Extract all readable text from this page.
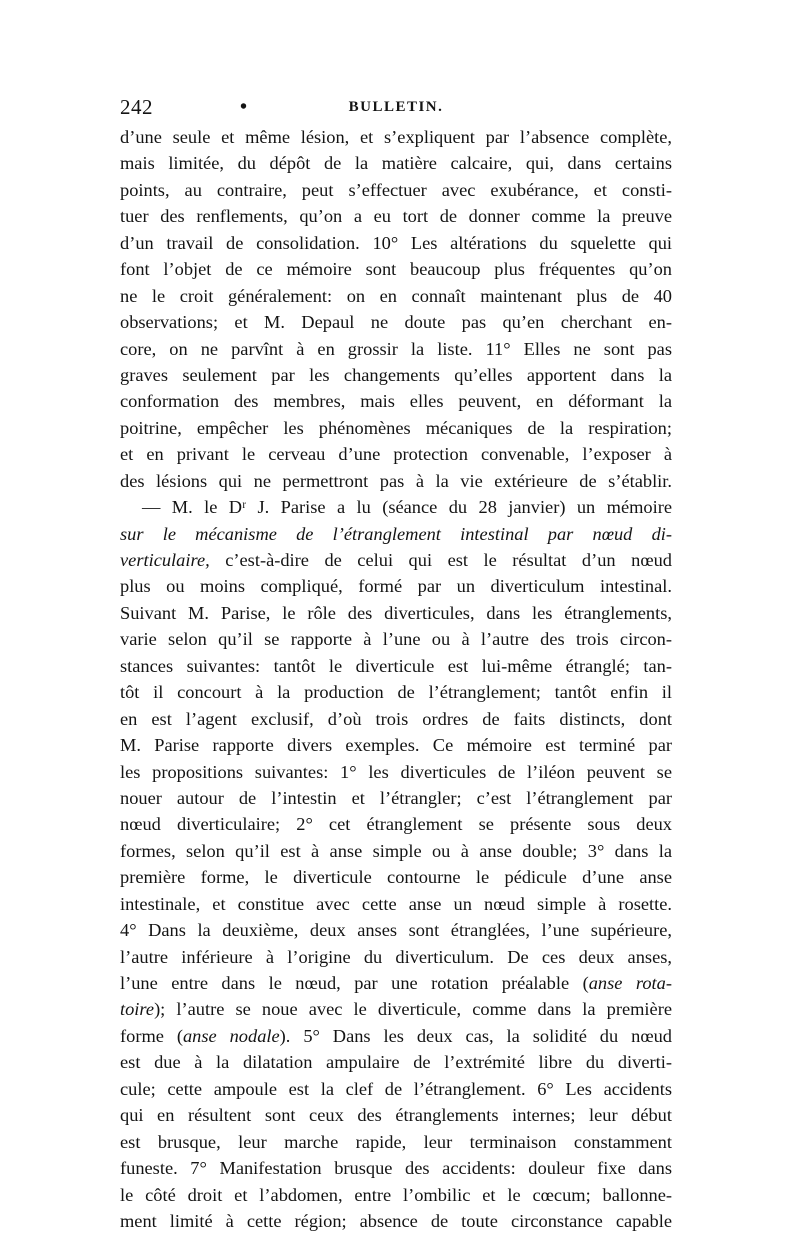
242	•	BULLETIN.
d’une seule et même lésion, et s’expliquent par l’absence complète,
mais limitée, du dépôt de la matière calcaire, qui, dans certains
points, au contraire, peut s’effectuer avec exubérance, et consti-
tuer des renflements, qu’on a eu tort de donner comme la preuve
d’un travail de consolidation. 10° Les altérations du squelette qui
font l’objet de ce mémoire sont beaucoup plus fréquentes qu’on
ne le croit généralement: on en connaît maintenant plus de 40
observations; et M. Depaul ne doute pas qu’en cherchant en-
core, on ne parvînt à en grossir la liste. 11° Elles ne sont pas
graves seulement par les changements qu’elles apportent dans la
conformation des membres, mais elles peuvent, en déformant la
poitrine, empêcher les phénomènes mécaniques de la respiration;
et en privant le cerveau d’une protection convenable, l’exposer à
des lésions qui ne permettront pas à la vie extérieure de s’établir.
— M. le Dʳ J. Parise a lu (séance du 28 janvier) un mémoire
sur le mécanisme de l’étranglement intestinal par nœud di-
verticulaire, c’est-à-dire de celui qui est le résultat d’un nœud
plus ou moins compliqué, formé par un diverticulum intestinal.
Suivant M. Parise, le rôle des diverticules, dans les étranglements,
varie selon qu’il se rapporte à l’une ou à l’autre des trois circon-
stances suivantes: tantôt le diverticule est lui-même étranglé; tan-
tôt il concourt à la production de l’étranglement; tantôt enfin il
en est l’agent exclusif, d’où trois ordres de faits distincts, dont
M. Parise rapporte divers exemples. Ce mémoire est terminé par
les propositions suivantes: 1° les diverticules de l’iléon peuvent se
nouer autour de l’intestin et l’étrangler; c’est l’étranglement par
nœud diverticulaire; 2° cet étranglement se présente sous deux
formes, selon qu’il est à anse simple ou à anse double; 3° dans la
première forme, le diverticule contourne le pédicule d’une anse
intestinale, et constitue avec cette anse un nœud simple à rosette.
4° Dans la deuxième, deux anses sont étranglées, l’une supérieure,
l’autre inférieure à l’origine du diverticulum. De ces deux anses,
l’une entre dans le nœud, par une rotation préalable (anse rota-
toire); l’autre se noue avec le diverticule, comme dans la première
forme (anse nodale). 5° Dans les deux cas, la solidité du nœud
est due à la dilatation ampulaire de l’extrémité libre du diverti-
cule; cette ampoule est la clef de l’étranglement. 6° Les accidents
qui en résultent sont ceux des étranglements internes; leur début
est brusque, leur marche rapide, leur terminaison constamment
funeste. 7° Manifestation brusque des accidents: douleur fixe dans
le côté droit et l’abdomen, entre l’ombilic et le cœcum; ballonne-
ment limité à cette région; absence de toute circonstance capable
